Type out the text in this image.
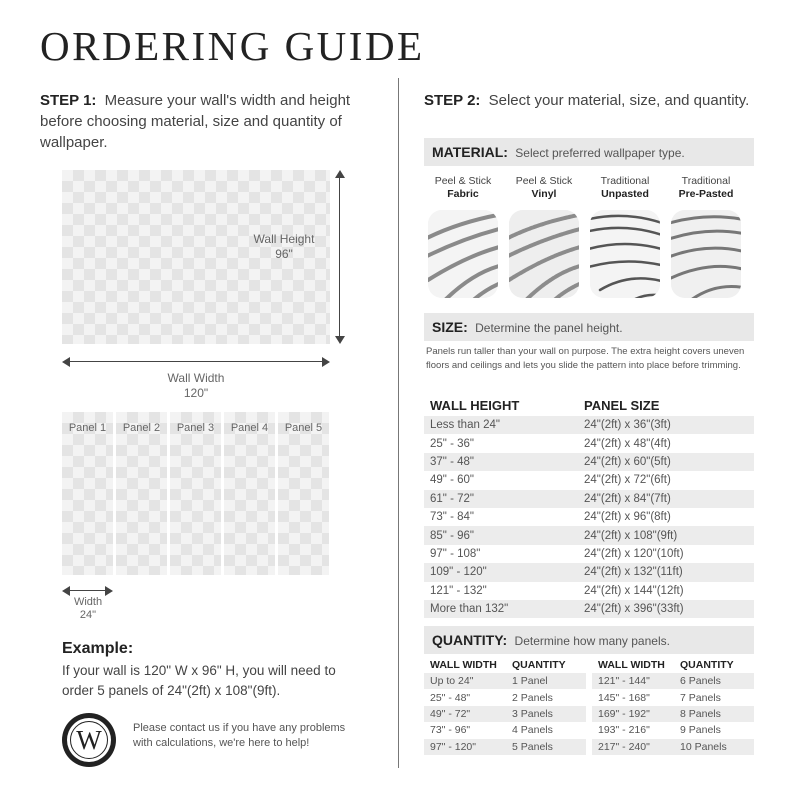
ORDERING GUIDE
STEP 1: Measure your wall's width and height before choosing material, size and quantity of wallpaper.
Wall Height
96"
Wall Width
120"
Panel 1	Panel 2	Panel 3	Panel 4	Panel 5
Width
24"
Example:
If your wall is 120" W x 96" H, you will need to order 5 panels of 24"(2ft) x 108"(9ft).
W	Please contact us if you have any problems with calculations, we're here to help!
STEP 2: Select your material, size, and quantity.
MATERIAL: Select preferred wallpaper type.
Peel & Stick
Fabric
Peel & Stick
Vinyl
Traditional
Unpasted
Traditional
Pre-Pasted
SIZE: Determine the panel height.
Panels run taller than your wall on purpose. The extra height covers uneven floors and ceilings and lets you slide the pattern into place before trimming.
WALL HEIGHT	PANEL SIZE
Less than 24"	24"(2ft) x 36"(3ft)
25" - 36"	24"(2ft) x 48"(4ft)
37" - 48"	24"(2ft) x 60"(5ft)
49" - 60"	24"(2ft) x 72"(6ft)
61" - 72"	24"(2ft) x 84"(7ft)
73" - 84"	24"(2ft) x 96"(8ft)
85" - 96"	24"(2ft) x 108"(9ft)
97" - 108"	24"(2ft) x 120"(10ft)
109" - 120"	24"(2ft) x 132"(11ft)
121" - 132"	24"(2ft) x 144"(12ft)
More than 132"	24"(2ft) x 396"(33ft)
QUANTITY: Determine how many panels.
WALL WIDTH	QUANTITY
Up to 24"	1 Panel
25" - 48"	2 Panels
49" - 72"	3 Panels
73" - 96"	4 Panels
97" - 120"	5 Panels
WALL WIDTH	QUANTITY
121" - 144"	6 Panels
145" - 168"	7 Panels
169" - 192"	8 Panels
193" - 216"	9 Panels
217" - 240"	10 Panels
